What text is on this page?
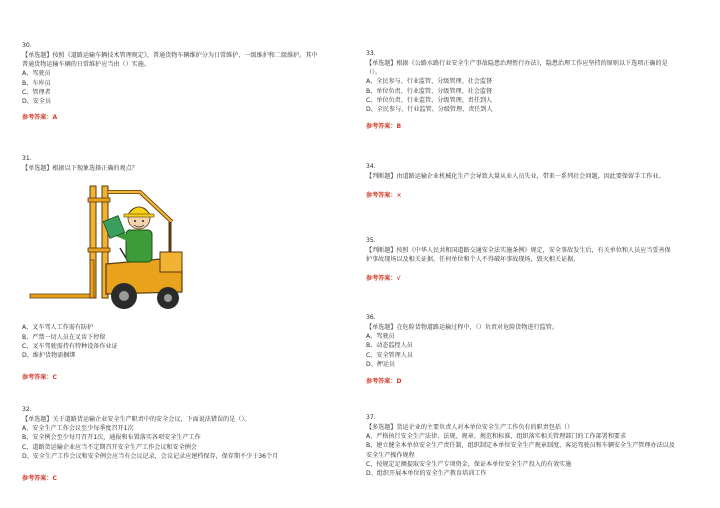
30.
【单选题】按照《道路运输车辆技术管理规定》，普通货物车辆维护分为日常维护、一级维护和二级维护。其中普通货物运输车辆的日常维护应当由（）实施。
A、驾驶员
B、车库员
C、管理者
D、安全员
参考答案：A
31.
【单选题】根据以下现象选择正确的观点？
A、叉车驾人工作需有防护
B、严禁一切人员在叉齿下停留
C、叉车驾驶需持有特种设备作业证
D、维护货物需捆绑
参考答案：C
32.
【单选题】关于道路货运输企业安全生产职责中的安全会议，下面说法错误的是（）。
A、安全生产工作会议至少每季度召开1次
B、安全例会至少每月召开1次，通报和布置落实各项安全生产工作
C、道路货运输企业应当不定期召开安全生产工作会议和安全例会
D、安全生产工作会议和安全例会应当有会议记录，会议记录应建档保存，保存期不少于36个月
参考答案：C
33.
【单选题】根据《公路水路行业安全生产事故隐患治理暂行办法》，隐患治理工作应坚持的原则以下选项正确的是（）。
A、全民参与、行业监管、分级管理、社会监督
B、单位负责、行业监管、分级管理、社会监督
C、单位负责、行业监管、分级管理、责任到人
D、全民参与、行业监管、分级管理、责任到人
参考答案：B
34.
【判断题】由道路运输企业机械化生产会导致大量从业人员失业，带来一系列社会问题，因此要保留手工作业。
参考答案：×
35.
【判断题】按照《中华人民共和国道路交通安全法实施条例》规定，安全事故发生后，有关单位和人员应当妥善保护事故现场以及相关证据，任何单位和个人不得破坏事故现场、毁灭相关证据。
参考答案：√
36.
【单选题】在危险货物道路运输过程中，（）负责对危险货物进行监管。
A、驾驶员
B、动态监控人员
C、安全管理人员
D、押运员
参考答案：D
37.
【多选题】货运企业的主要负责人对本单位安全生产工作负有的职责包括（）
A、严格执行安全生产法律、法规、规章、规范和标准，组织落实相关管理部门的工作部署和要求
B、建立健全本单位安全生产责任制，组织制定本单位安全生产规章制度、客运驾驶员和车辆安全生产管理办法以及安全生产操作规程
C、按规定足额提取安全生产专项资金，保证本单位安全生产投入的有效实施
D、组织开展本单位的安全生产教育培训工作
